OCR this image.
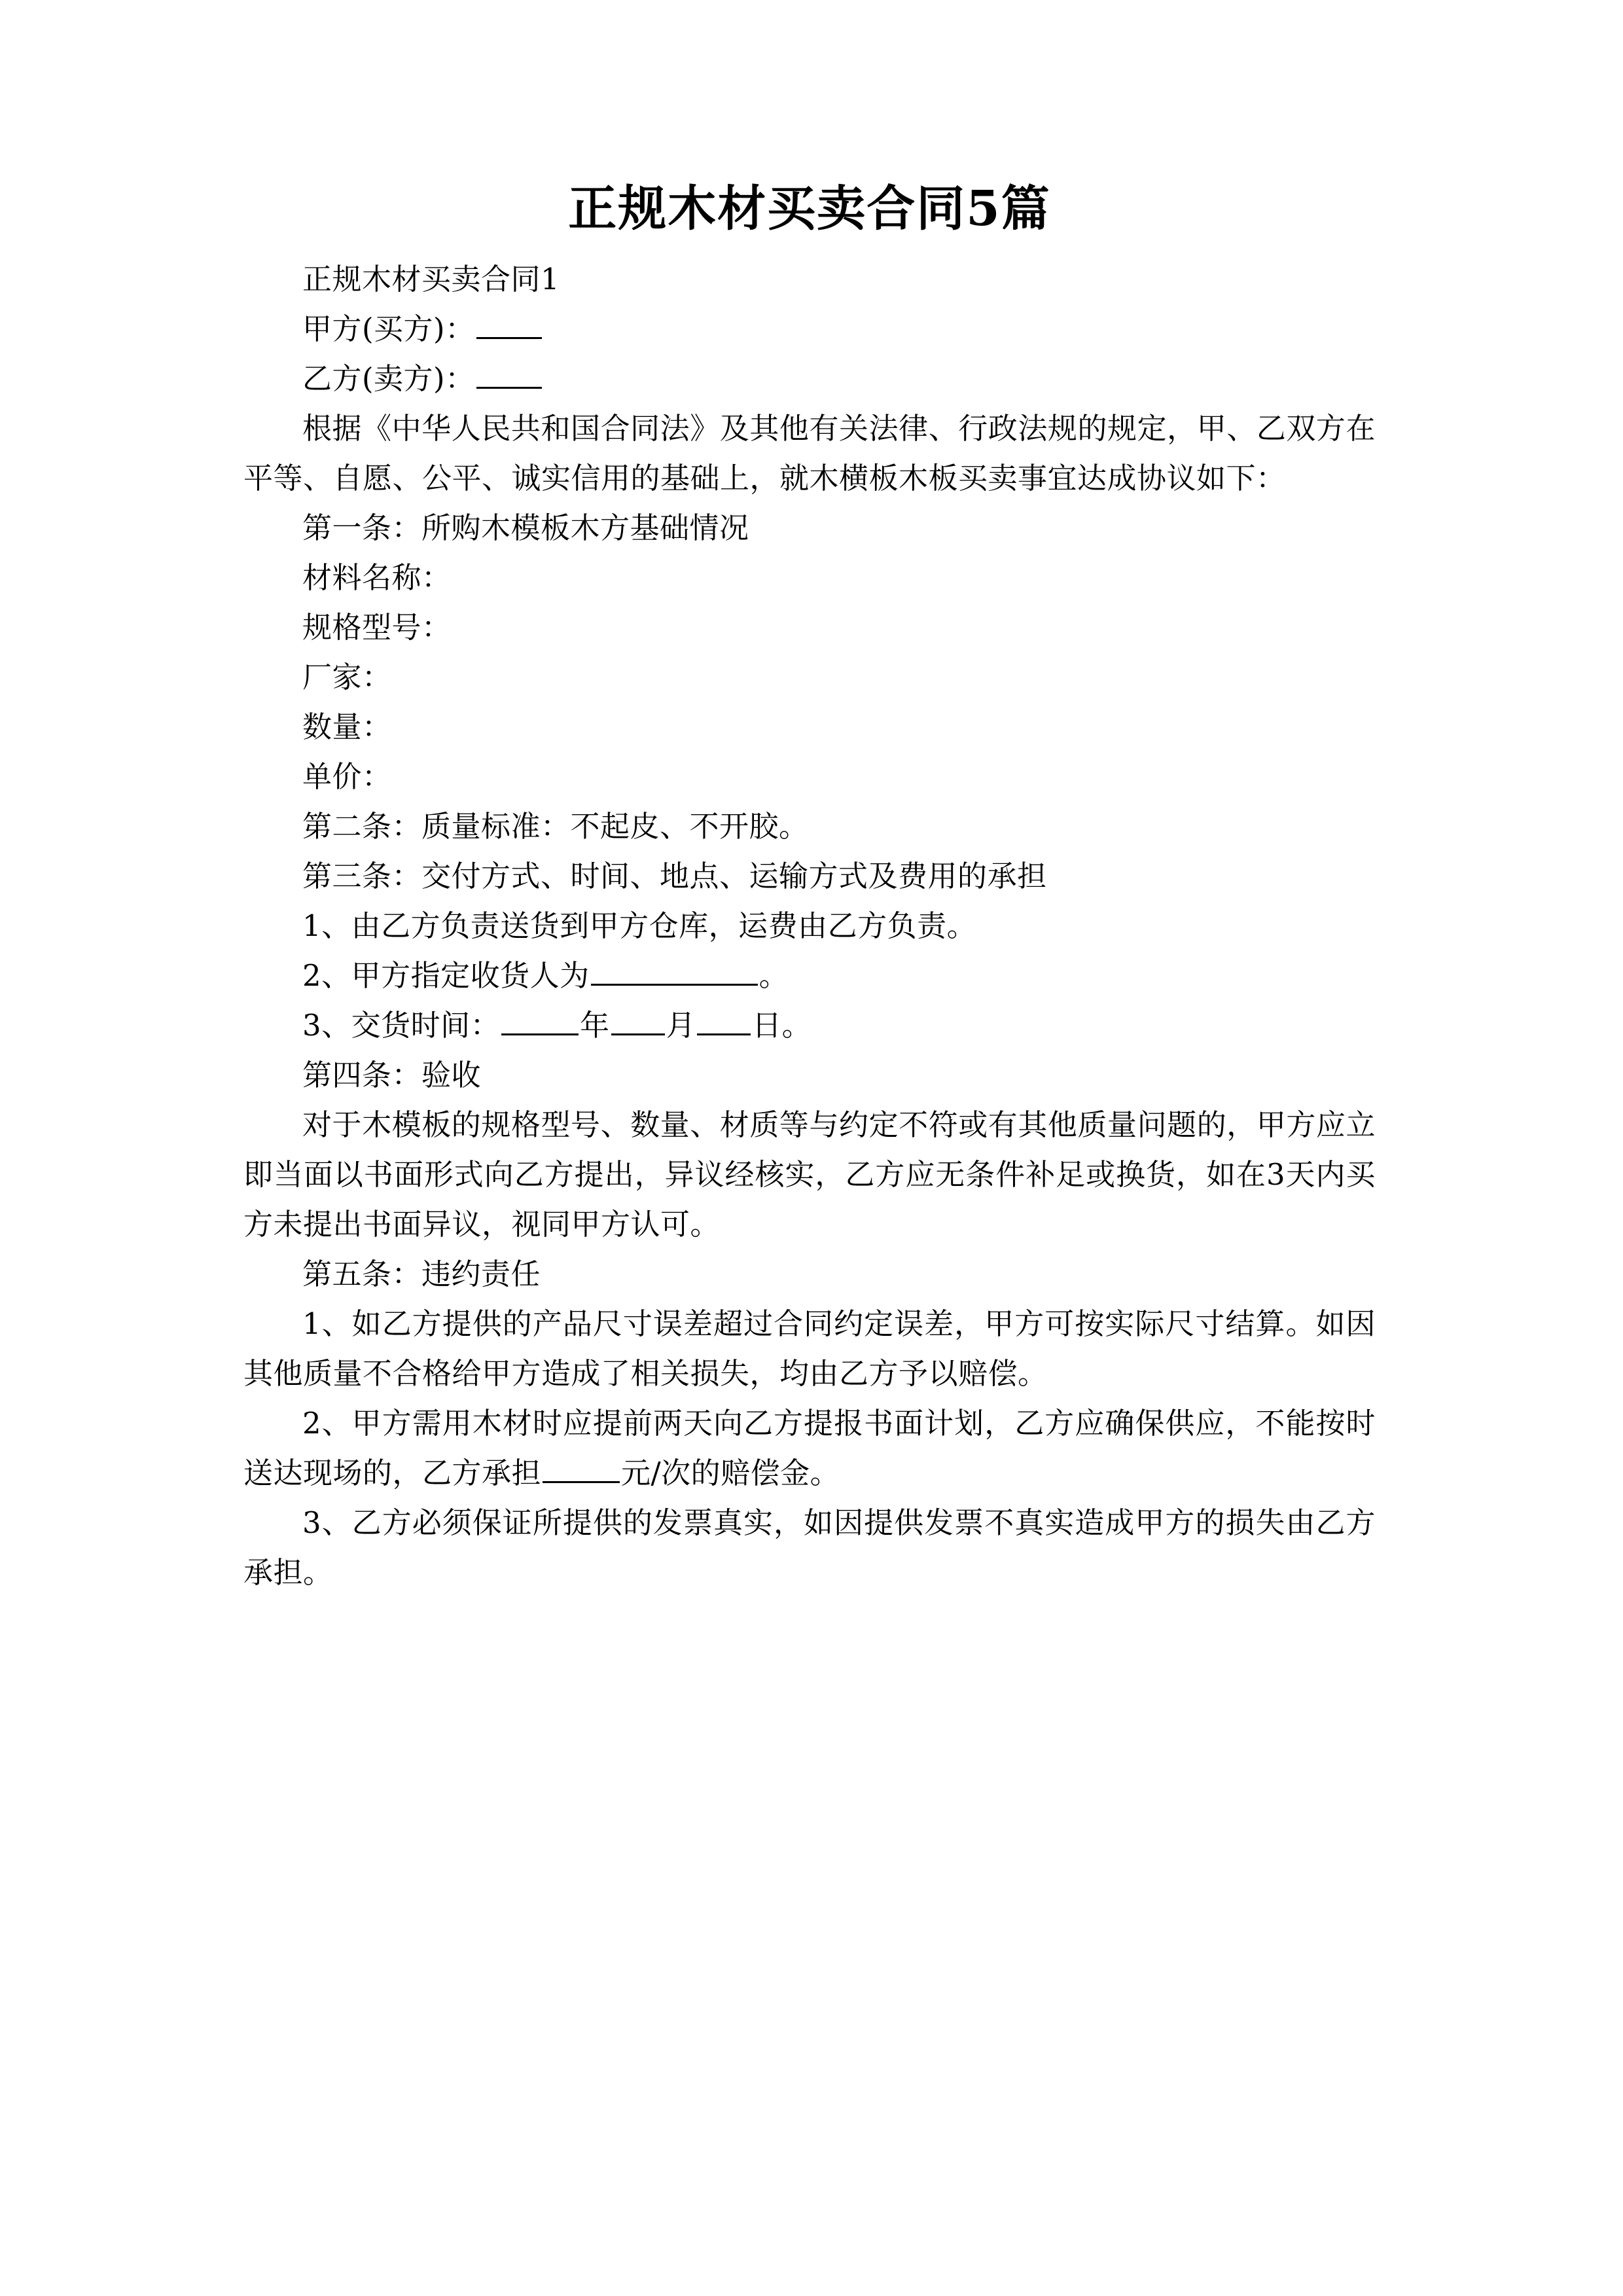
正规木材买卖合同5篇

正规木材买卖合同1

甲方(买方)：

乙方(卖方)：

根据《中华人民共和国合同法》及其他有关法律、行政法规的规定，甲、乙双方在平等、自愿、公平、诚实信用的基础上，就木横板木板买卖事宜达成协议如下：

第一条：所购木模板木方基础情况

材料名称：

规格型号：

厂家：

数量：

单价：

第二条：质量标准：不起皮、不开胶。

第三条：交付方式、时间、地点、运输方式及费用的承担

1、由乙方负责送货到甲方仓库，运费由乙方负责。

2、甲方指定收货人为	。

3、交货时间：	年 月 日。

第四条：验收

对于木模板的规格型号、数量、材质等与约定不符或有其他质量问题的，甲方应立即当面以书面形式向乙方提出，异议经核实，乙方应无条件补足或换货，如在3天内买方未提出书面异议，视同甲方认可。

第五条：违约责任

1、如乙方提供的产品尺寸误差超过合同约定误差，甲方可按实际尺寸结算。如因其他质量不合格给甲方造成了相关损失，均由乙方予以赔偿。

2、甲方需用木材时应提前两天向乙方提报书面计划，乙方应确保供应，不能按时送达现场的，乙方承担	元/次的赔偿金。

3、乙方必须保证所提供的发票真实，如因提供发票不真实造成甲方的损失由乙方承担。
